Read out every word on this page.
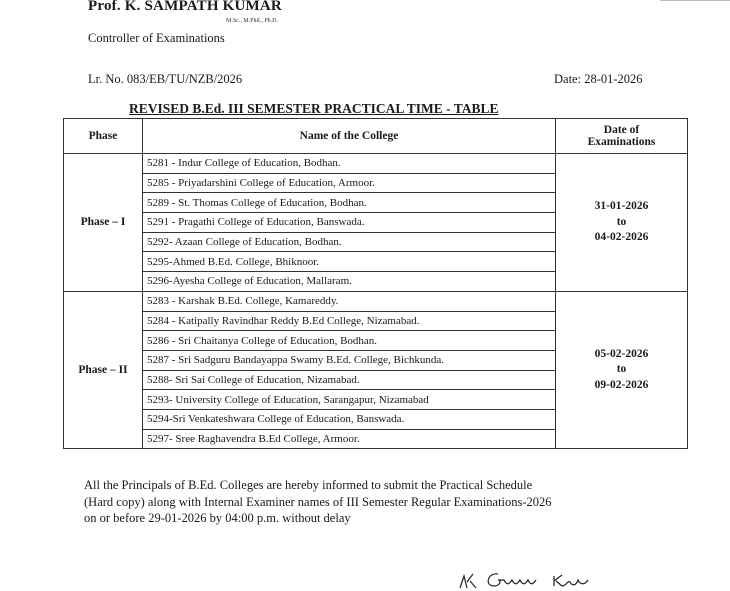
Prof. K. SAMPATH KUMAR
M.Sc., M.Phil., Ph.D.
Controller of Examinations
Lr. No. 083/EB/TU/NZB/2026	Date: 28-01-2026
REVISED B.Ed. III SEMESTER PRACTICAL TIME - TABLE
Phase	Name of the College	Date of Examinations
Phase – I	5281 - Indur College of Education, Bodhan.	31-01-2026
to
04-02-2026

	5285 - Priyadarshini College of Education, Armoor.	
	5289 - St. Thomas College of Education, Bodhan.	
	5291 - Pragathi College of Education, Banswada.	
	5292- Azaan College of Education, Bodhan.	
	5295-Ahmed B.Ed. College, Bhiknoor.	
	5296-Ayesha College of Education, Mallaram.	
Phase – II	5283 - Karshak B.Ed. College, Kamareddy.	05-02-2026
to
09-02-2026

	5284 - Katipally Ravindhar Reddy B.Ed College, Nizamabad.	
	5286 - Sri Chaitanya College of Education, Bodhan.	
	5287 - Sri Sadguru Bandayappa Swamy B.Ed. College, Bichkunda.	
	5288- Sri Sai College of Education, Nizamabad.	
	5293- University College of Education, Sarangapur, Nizamabad	
	5294-Sri Venkateshwara College of Education, Banswada.	
	5297- Sree Raghavendra B.Ed College, Armoor.	
All the Principals of B.Ed. Colleges are hereby informed to submit the Practical Schedule
(Hard copy) along with Internal Examiner names of III Semester Regular Examinations-2026
on or before 29-01-2026 by 04:00 p.m. without delay
